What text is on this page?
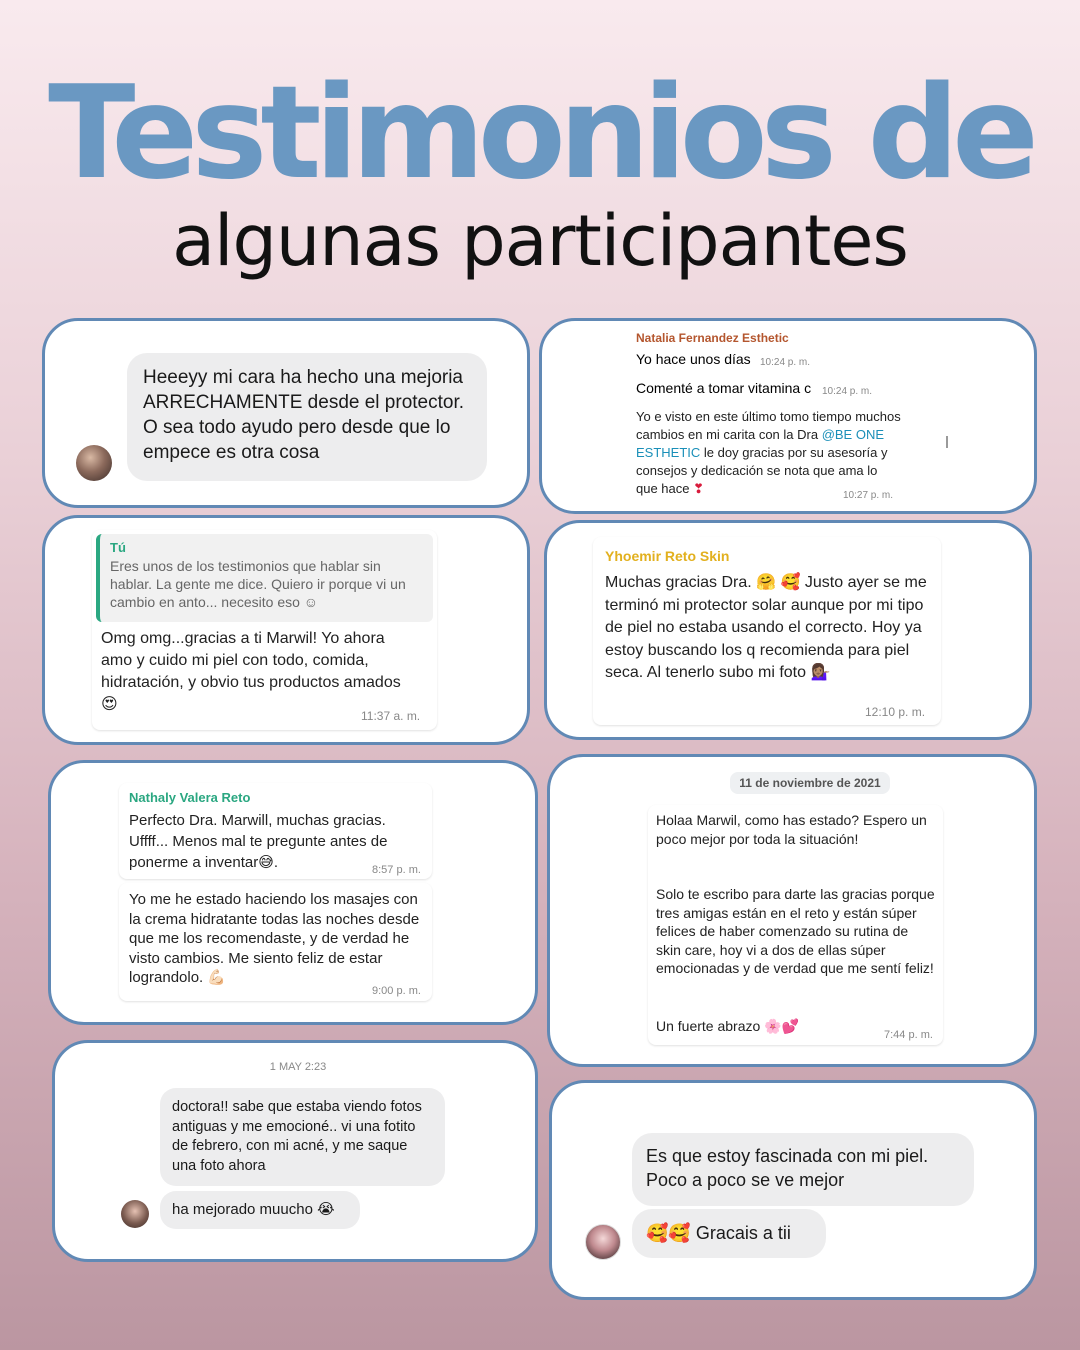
Testimonios de
algunas participantes
Heeeyy mi cara ha hecho una mejoria ARRECHAMENTE desde el protector. O sea todo ayudo pero desde que lo empece es otra cosa
Natalia Fernandez Esthetic
Yo hace unos días 10:24 p. m.
Comenté a tomar vitamina c 10:24 p. m.
Yo e visto en este último tomo tiempo muchos cambios en mi carita con la Dra @BE ONE ESTHETIC le doy gracias por su asesoría y consejos y dedicación se nota que ama lo que hace ❣	10:27 p. m.
Tú
Eres unos de los testimonios que hablar sin hablar. La gente me dice. Quiero ir porque vi un cambio en anto... necesito eso ☺
Omg omg...gracias a ti Marwil! Yo ahora amo y cuido mi piel con todo, comida, hidratación, y obvio tus productos amados😍
11:37 a. m.
Yhoemir Reto Skin
Muchas gracias Dra. 🤗 🥰 Justo ayer se me terminó mi protector solar aunque por mi tipo de piel no estaba usando el correcto. Hoy ya estoy buscando los q recomienda para piel seca. Al tenerlo subo mi foto 💁🏽‍♀️
12:10 p. m.
Nathaly Valera Reto
Perfecto Dra. Marwill, muchas gracias. Uffff... Menos mal te pregunte antes de ponerme a inventar😅.	8:57 p. m.
Yo me he estado haciendo los masajes con la crema hidratante todas las noches desde que me los recomendaste, y de verdad he visto cambios. Me siento feliz de estar lograndolo. 💪🏻
9:00 p. m.
11 de noviembre de 2021
Holaa Marwil, como has estado? Espero un poco mejor por toda la situación!
Solo te escribo para darte las gracias porque tres amigas están en el reto y están súper felices de haber comenzado su rutina de skin care, hoy vi a dos de ellas súper emocionadas y de verdad que me sentí feliz!
Un fuerte abrazo 🌸💕
7:44 p. m.
1 MAY 2:23
doctora!! sabe que estaba viendo fotos antiguas y me emocioné.. vi una fotito de febrero, con mi acné, y me saque una foto ahora
ha mejorado muucho 😭
Es que estoy fascinada con mi piel. Poco a poco se ve mejor
🥰🥰 Gracais a tii
